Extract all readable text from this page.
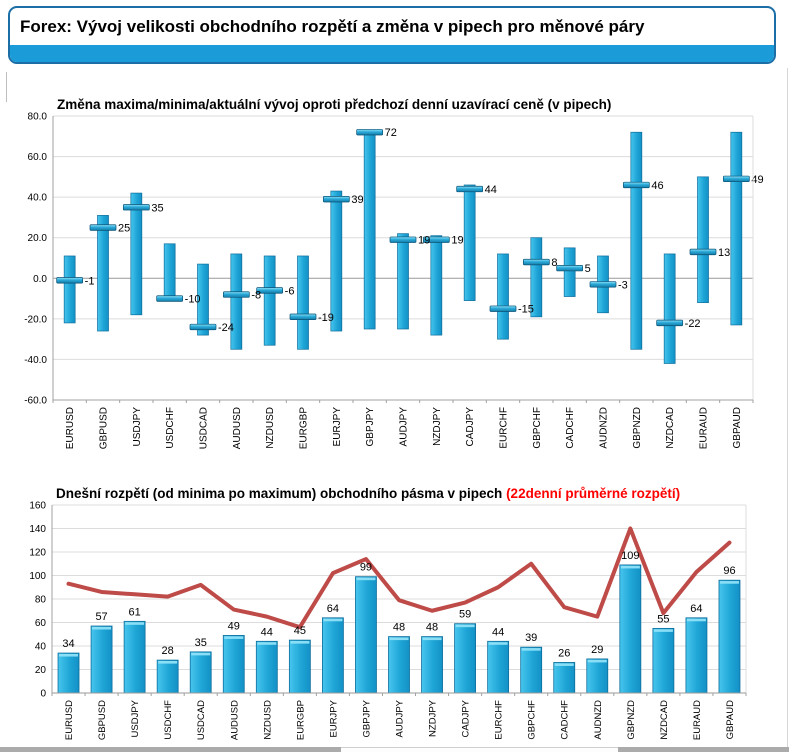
Forex: Vývoj velikosti obchodního rozpětí a změna v pipech pro měnové páry
Změna maxima/minima/aktuální vývoj oproti předchozí denní uzavírací ceně (v pipech)
80.0
60.0
40.0
20.0
0.0
-20.0
-40.0
-60.0
-1
25
35
-10
-24
-8 -6
-19
39
72
19 19
44
-15
8
5
-3
46
-22
13
49
EURUSD GBPUSD USDJPY USDCHF USDCAD AUDUSD NZDUSD EURGBP EURJPY GBPJPY AUDJPY NZDJPY CADJPY EURCHF GBPCHF CADCHF AUDNZD GBPNZD NZDCAD EURAUD GBPAUD
Dnešní rozpětí (od minima po maximum) obchodního pásma v pipech (22denní průměrné rozpětí)
160
140
120
100
80
60
40
20
0
34
57 61
28
35
49 44 45
64
99
48 48
59
44 39
26 29
109
55
64
96
EURUSD GBPUSD USDJPY USDCHF USDCAD AUDUSD NZDUSD EURGBP EURJPY GBPJPY AUDJPY NZDJPY CADJPY EURCHF GBPCHF CADCHF AUDNZD GBPNZD NZDCAD EURAUD GBPAUD
